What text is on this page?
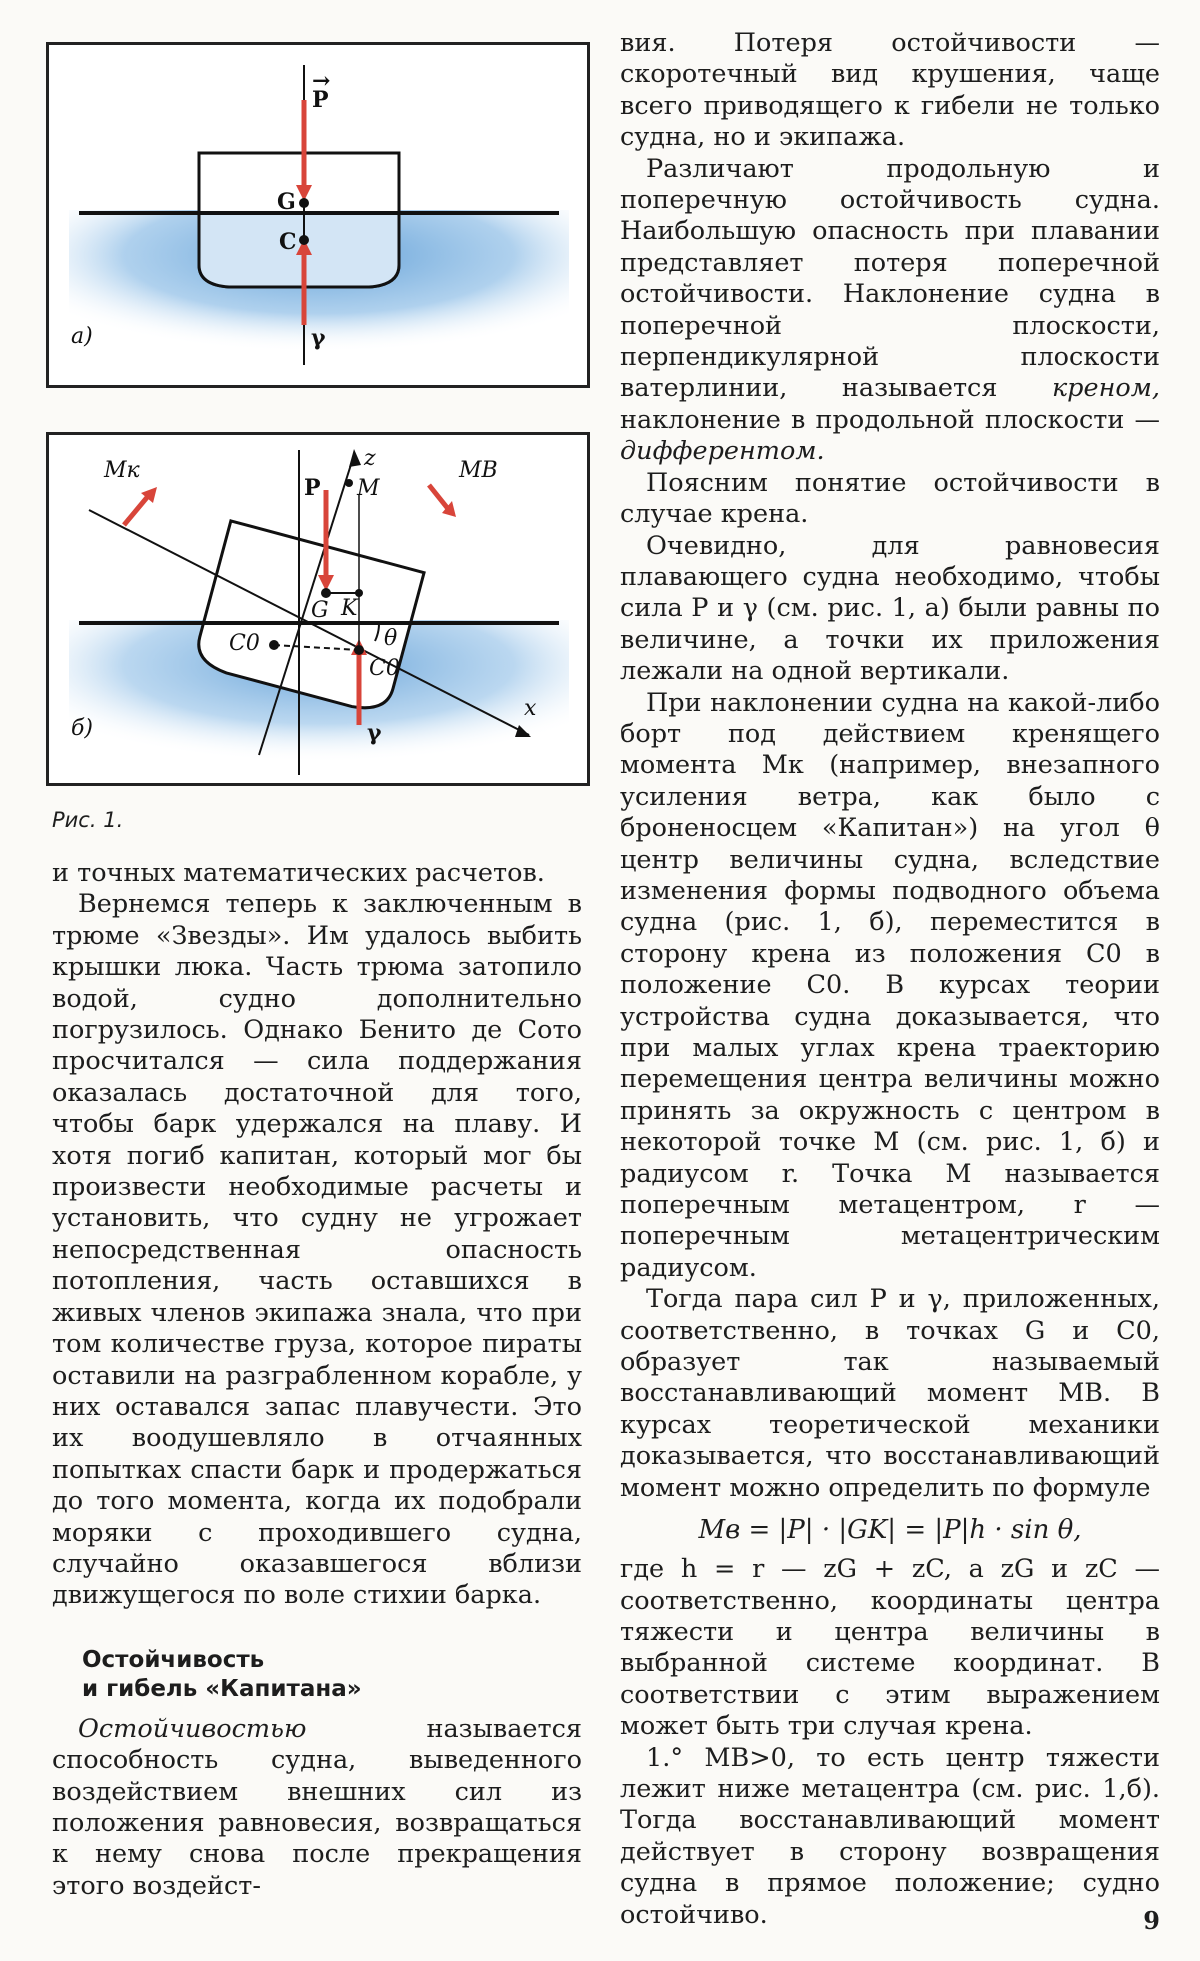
P
→
G
C
γ
а)
Mк	MB
z
P M
G K
θ
C0
C0
x
γ
б)
Рис. 1.

и точных математических расчетов.

Вернемся теперь к заключенным в трюме «Звезды». Им удалось выбить крышки люка. Часть трюма затопило водой, судно дополнительно погрузилось. Однако Бенито де Сото просчитался — сила поддержания оказалась достаточной для того, чтобы барк удержался на плаву. И хотя погиб капитан, который мог бы произвести необходимые расчеты и установить, что судну не угрожает непосредственная опасность потопления, часть оставшихся в живых членов экипажа знала, что при том количестве груза, которое пираты оставили на разграбленном корабле, у них оставался запас плавучести. Это их воодушевляло в отчаянных попытках спасти барк и продержаться до того момента, когда их подобрали моряки с проходившего судна, случайно оказавшегося вблизи движущегося по воле стихии барка.

Остойчивость
и гибель «Капитана»

Остойчивостью называется способность судна, выведенного воздействием внешних сил из положения равновесия, возвращаться к нему снова после прекращения этого воздейст-

вия. Потеря остойчивости — скоротечный вид крушения, чаще всего приводящего к гибели не только судна, но и экипажа.

Различают продольную и поперечную остойчивость судна. Наибольшую опасность при плавании представляет потеря поперечной остойчивости. Наклонение судна в поперечной плоскости, перпендикулярной плоскости ватерлинии, называется креном, наклонение в продольной плоскости — дифферентом.

Поясним понятие остойчивости в случае крена.

Очевидно, для равновесия плавающего судна необходимо, чтобы сила P и γ (см. рис. 1, а) были равны по величине, а точки их приложения лежали на одной вертикали.

При наклонении судна на какой-либо борт под действием кренящего момента Mк (например, внезапного усиления ветра, как было с броненосцем «Капитан») на угол θ центр величины судна, вследствие изменения формы подводного объема судна (рис. 1, б), переместится в сторону крена из положения C0 в положение C0. В курсах теории устройства судна доказывается, что при малых углах крена траекторию перемещения центра величины можно принять за окружность с центром в некоторой точке M (см. рис. 1, б) и радиусом r. Точка M называется поперечным метацентром, r — поперечным метацентрическим радиусом.

Тогда пара сил P и γ, приложенных, соответственно, в точках G и C0, образует так называемый восстанавливающий момент MB. В курсах теоретической механики доказывается, что восстанавливающий момент можно определить по формуле

Mв = |P| · |GK| = |P|h · sin θ,

где h = r — zG + zC, а zG и zC — соответственно, координаты центра тяжести и центра величины в выбранной системе координат. В соответствии с этим выражением может быть три случая крена.

1.° MB>0, то есть центр тяжести лежит ниже метацентра (см. рис. 1,б). Тогда восстанавливающий момент действует в сторону возвращения судна в прямое положение; судно остойчиво.	9
